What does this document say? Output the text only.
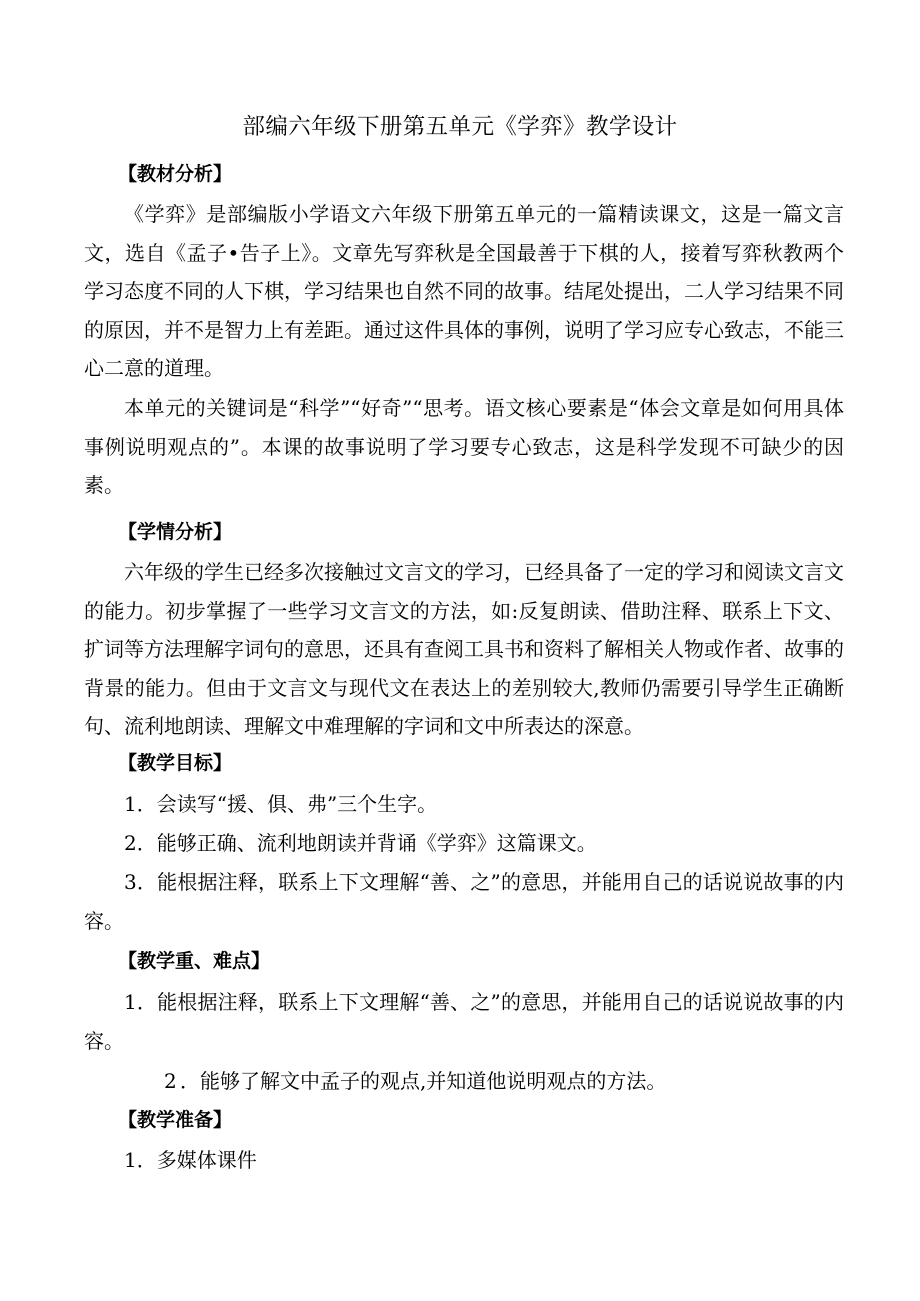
部编六年级下册第五单元《学弈》教学设计
【教材分析】

《学弈》是部编版小学语文六年级下册第五单元的一篇精读课文，这是一篇文言文，选自《孟子•告子上》。文章先写弈秋是全国最善于下棋的人，接着写弈秋教两个学习态度不同的人下棋，学习结果也自然不同的故事。结尾处提出，二人学习结果不同的原因，并不是智力上有差距。通过这件具体的事例，说明了学习应专心致志，不能三心二意的道理。

本单元的关键词是“科学”“好奇”“思考。语文核心要素是“体会文章是如何用具体事例说明观点的”。本课的故事说明了学习要专心致志，这是科学发现不可缺少的因素。

【学情分析】

六年级的学生已经多次接触过文言文的学习，已经具备了一定的学习和阅读文言文的能力。初步掌握了一些学习文言文的方法，如:反复朗读、借助注释、联系上下文、扩词等方法理解字词句的意思，还具有查阅工具书和资料了解相关人物或作者、故事的背景的能力。但由于文言文与现代文在表达上的差别较大,教师仍需要引导学生正确断句、流利地朗读、理解文中难理解的字词和文中所表达的深意。

【教学目标】

1．会读写“援、俱、弗”三个生字。

2．能够正确、流利地朗读并背诵《学弈》这篇课文。

3．能根据注释，联系上下文理解“善、之”的意思，并能用自己的话说说故事的内容。

【教学重、难点】

1．能根据注释，联系上下文理解“善、之”的意思，并能用自己的话说说故事的内容。

2 ．能够了解文中孟子的观点,并知道他说明观点的方法。

【教学准备】

1．多媒体课件
